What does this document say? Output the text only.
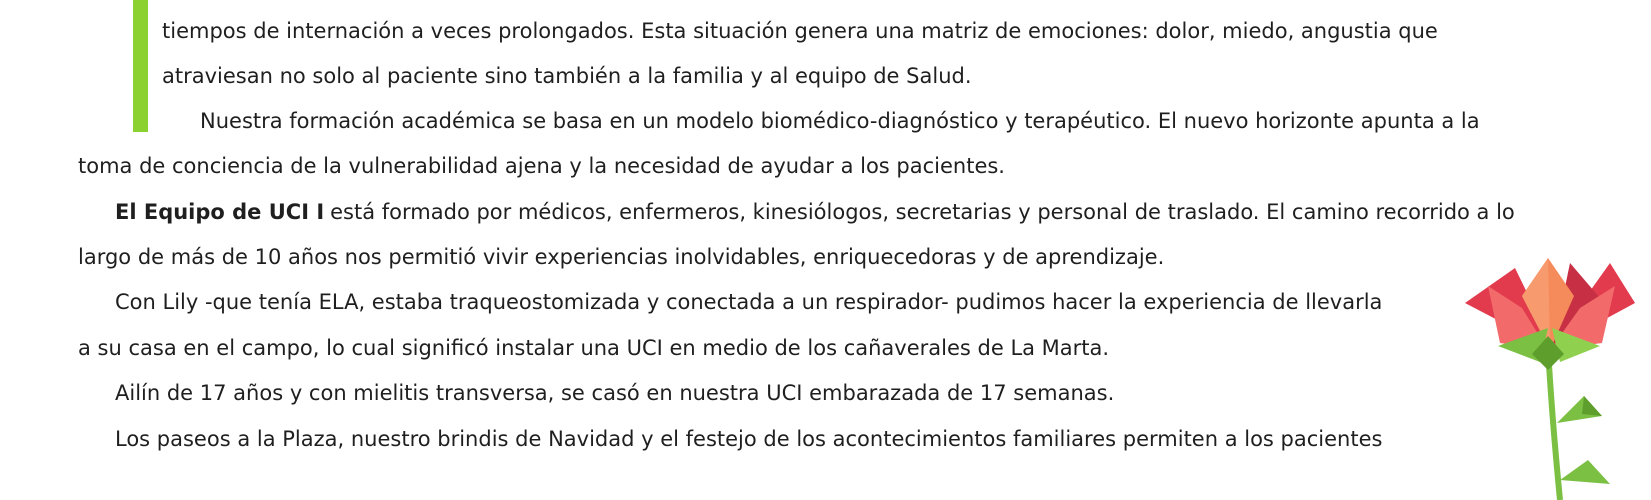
tiempos de internación a veces prolongados. Esta situación genera una matriz de emociones: dolor, miedo, angustia que

atraviesan no solo al paciente sino también a la familia y al equipo de Salud.

Nuestra formación académica se basa en un modelo biomédico-diagnóstico y terapéutico. El nuevo horizonte apunta a la

toma de conciencia de la vulnerabilidad ajena y la necesidad de ayudar a los pacientes.

El Equipo de UCI I está formado por médicos, enfermeros, kinesiólogos, secretarias y personal de traslado. El camino recorrido a lo

largo de más de 10 años nos permitió vivir experiencias inolvidables, enriquecedoras y de aprendizaje.

Con Lily -que tenía ELA, estaba traqueostomizada y conectada a un respirador- pudimos hacer la experiencia de llevarla

a su casa en el campo, lo cual significó instalar una UCI en medio de los cañaverales de La Marta.

Ailín de 17 años y con mielitis transversa, se casó en nuestra UCI embarazada de 17 semanas.

Los paseos a la Plaza, nuestro brindis de Navidad y el festejo de los acontecimientos familiares permiten a los pacientes
